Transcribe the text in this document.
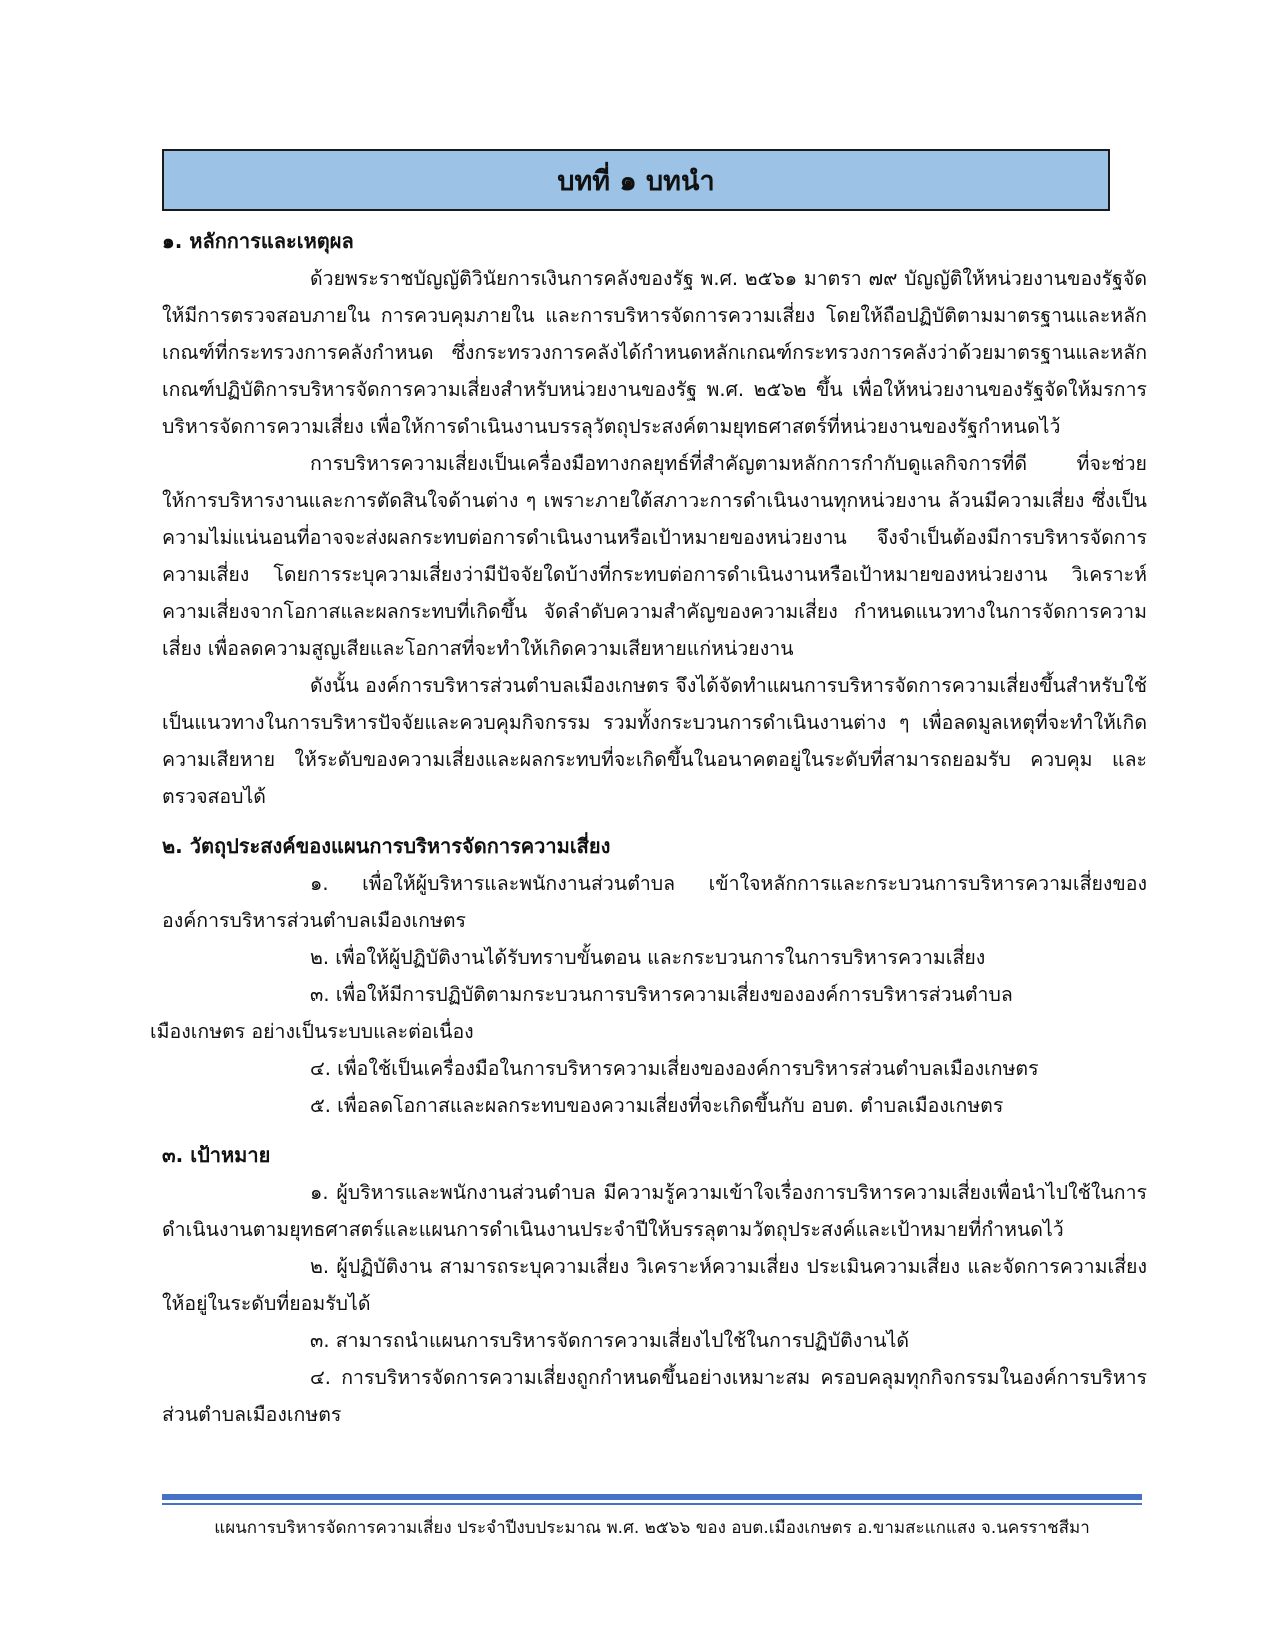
บทที่ ๑ บทนำ

๑. หลักการและเหตุผล

ด้วยพระราชบัญญัติวินัยการเงินการคลังของรัฐ พ.ศ. ๒๕๖๑ มาตรา ๗๙ บัญญัติให้หน่วยงานของรัฐจัดให้มีการตรวจสอบภายใน การควบคุมภายใน และการบริหารจัดการความเสี่ยง โดยให้ถือปฏิบัติตามมาตรฐานและหลักเกณฑ์ที่กระทรวงการคลังกำหนด ซึ่งกระทรวงการคลังได้กำหนดหลักเกณฑ์กระทรวงการคลังว่าด้วยมาตรฐานและหลักเกณฑ์ปฏิบัติการบริหารจัดการความเสี่ยงสำหรับหน่วยงานของรัฐ พ.ศ. ๒๕๖๒ ขึ้น เพื่อให้หน่วยงานของรัฐจัดให้มรการบริหารจัดการความเสี่ยง เพื่อให้การดำเนินงานบรรลุวัตถุประสงค์ตามยุทธศาสตร์ที่หน่วยงานของรัฐกำหนดไว้

การบริหารความเสี่ยงเป็นเครื่องมือทางกลยุทธ์ที่สำคัญตามหลักการกำกับดูแลกิจการที่ดี ที่จะช่วยให้การบริหารงานและการตัดสินใจด้านต่าง ๆ เพราะภายใต้สภาวะการดำเนินงานทุกหน่วยงาน ล้วนมีความเสี่ยง ซึ่งเป็นความไม่แน่นอนที่อาจจะส่งผลกระทบต่อการดำเนินงานหรือเป้าหมายของหน่วยงาน จึงจำเป็นต้องมีการบริหารจัดการความเสี่ยง โดยการระบุความเสี่ยงว่ามีปัจจัยใดบ้างที่กระทบต่อการดำเนินงานหรือเป้าหมายของหน่วยงาน วิเคราะห์ความเสี่ยงจากโอกาสและผลกระทบที่เกิดขึ้น จัดลำดับความสำคัญของความเสี่ยง กำหนดแนวทางในการจัดการความเสี่ยง เพื่อลดความสูญเสียและโอกาสที่จะทำให้เกิดความเสียหายแก่หน่วยงาน

ดังนั้น องค์การบริหารส่วนตำบลเมืองเกษตร จึงได้จัดทำแผนการบริหารจัดการความเสี่ยงขึ้นสำหรับใช้เป็นแนวทางในการบริหารปัจจัยและควบคุมกิจกรรม รวมทั้งกระบวนการดำเนินงานต่าง ๆ เพื่อลดมูลเหตุที่จะทำให้เกิดความเสียหาย ให้ระดับของความเสี่ยงและผลกระทบที่จะเกิดขึ้นในอนาคตอยู่ในระดับที่สามารถยอมรับ ควบคุม และตรวจสอบได้

๒. วัตถุประสงค์ของแผนการบริหารจัดการความเสี่ยง

๑. เพื่อให้ผู้บริหารและพนักงานส่วนตำบล เข้าใจหลักการและกระบวนการบริหารความเสี่ยงขององค์การบริหารส่วนตำบลเมืองเกษตร

๒. เพื่อให้ผู้ปฏิบัติงานได้รับทราบขั้นตอน และกระบวนการในการบริหารความเสี่ยง

๓. เพื่อให้มีการปฏิบัติตามกระบวนการบริหารความเสี่ยงขององค์การบริหารส่วนตำบล

เมืองเกษตร อย่างเป็นระบบและต่อเนื่อง

๔. เพื่อใช้เป็นเครื่องมือในการบริหารความเสี่ยงขององค์การบริหารส่วนตำบลเมืองเกษตร

๕. เพื่อลดโอกาสและผลกระทบของความเสี่ยงที่จะเกิดขึ้นกับ อบต. ตำบลเมืองเกษตร

๓. เป้าหมาย

๑. ผู้บริหารและพนักงานส่วนตำบล มีความรู้ความเข้าใจเรื่องการบริหารความเสี่ยงเพื่อนำไปใช้ในการดำเนินงานตามยุทธศาสตร์และแผนการดำเนินงานประจำปีให้บรรลุตามวัตถุประสงค์และเป้าหมายที่กำหนดไว้

๒. ผู้ปฏิบัติงาน สามารถระบุความเสี่ยง วิเคราะห์ความเสี่ยง ประเมินความเสี่ยง และจัดการความเสี่ยงให้อยู่ในระดับที่ยอมรับได้

๓. สามารถนำแผนการบริหารจัดการความเสี่ยงไปใช้ในการปฏิบัติงานได้

๔. การบริหารจัดการความเสี่ยงถูกกำหนดขึ้นอย่างเหมาะสม ครอบคลุมทุกกิจกรรมในองค์การบริหารส่วนตำบลเมืองเกษตร

แผนการบริหารจัดการความเสี่ยง ประจำปีงบประมาณ พ.ศ. ๒๕๖๖ ของ อบต.เมืองเกษตร อ.ขามสะแกแสง จ.นครราชสีมา
